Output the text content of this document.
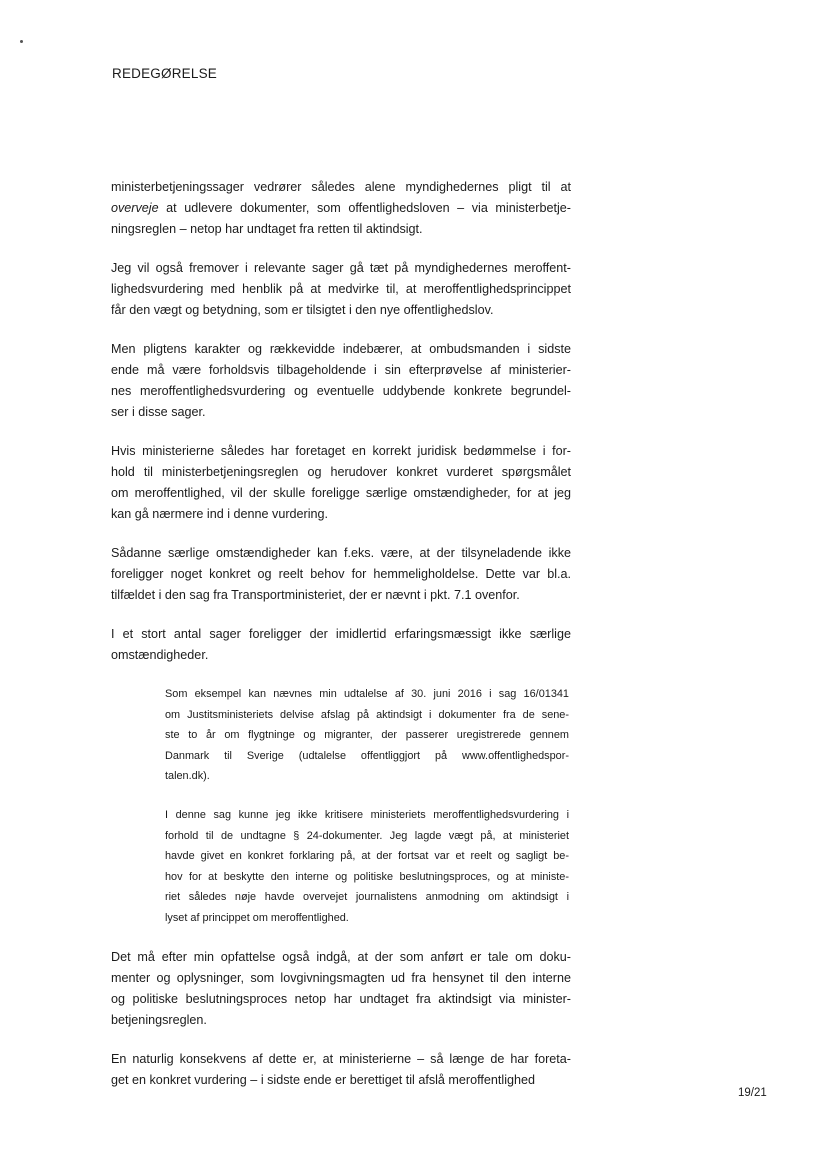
REDEGØRELSE
ministerbetjeningssager vedrører således alene myndighedernes pligt til at
overveje at udlevere dokumenter, som offentlighedsloven – via ministerbetje-
ningsreglen – netop har undtaget fra retten til aktindsigt.
Jeg vil også fremover i relevante sager gå tæt på myndighedernes meroffent-
lighedsvurdering med henblik på at medvirke til, at meroffentlighedsprincippet
får den vægt og betydning, som er tilsigtet i den nye offentlighedslov.
Men pligtens karakter og rækkevidde indebærer, at ombudsmanden i sidste
ende må være forholdsvis tilbageholdende i sin efterprøvelse af ministerier-
nes meroffentlighedsvurdering og eventuelle uddybende konkrete begrundel-
ser i disse sager.
Hvis ministerierne således har foretaget en korrekt juridisk bedømmelse i for-
hold til ministerbetjeningsreglen og herudover konkret vurderet spørgsmålet
om meroffentlighed, vil der skulle foreligge særlige omstændigheder, for at jeg
kan gå nærmere ind i denne vurdering.
Sådanne særlige omstændigheder kan f.eks. være, at der tilsyneladende ikke
foreligger noget konkret og reelt behov for hemmeligholdelse. Dette var bl.a.
tilfældet i den sag fra Transportministeriet, der er nævnt i pkt. 7.1 ovenfor.
I et stort antal sager foreligger der imidlertid erfaringsmæssigt ikke særlige
omstændigheder.
Som eksempel kan nævnes min udtalelse af 30. juni 2016 i sag 16/01341
om Justitsministeriets delvise afslag på aktindsigt i dokumenter fra de sene-
ste to år om flygtninge og migranter, der passerer uregistrerede gennem
Danmark til Sverige (udtalelse offentliggjort på www.offentlighedspor-
talen.dk).
I denne sag kunne jeg ikke kritisere ministeriets meroffentlighedsvurdering i
forhold til de undtagne § 24-dokumenter. Jeg lagde vægt på, at ministeriet
havde givet en konkret forklaring på, at der fortsat var et reelt og sagligt be-
hov for at beskytte den interne og politiske beslutningsproces, og at ministe-
riet således nøje havde overvejet journalistens anmodning om aktindsigt i
lyset af princippet om meroffentlighed.
Det må efter min opfattelse også indgå, at der som anført er tale om doku-
menter og oplysninger, som lovgivningsmagten ud fra hensynet til den interne
og politiske beslutningsproces netop har undtaget fra aktindsigt via minister-
betjeningsreglen.
En naturlig konsekvens af dette er, at ministerierne – så længe de har foreta-
get en konkret vurdering – i sidste ende er berettiget til afslå meroffentlighed
19/21
